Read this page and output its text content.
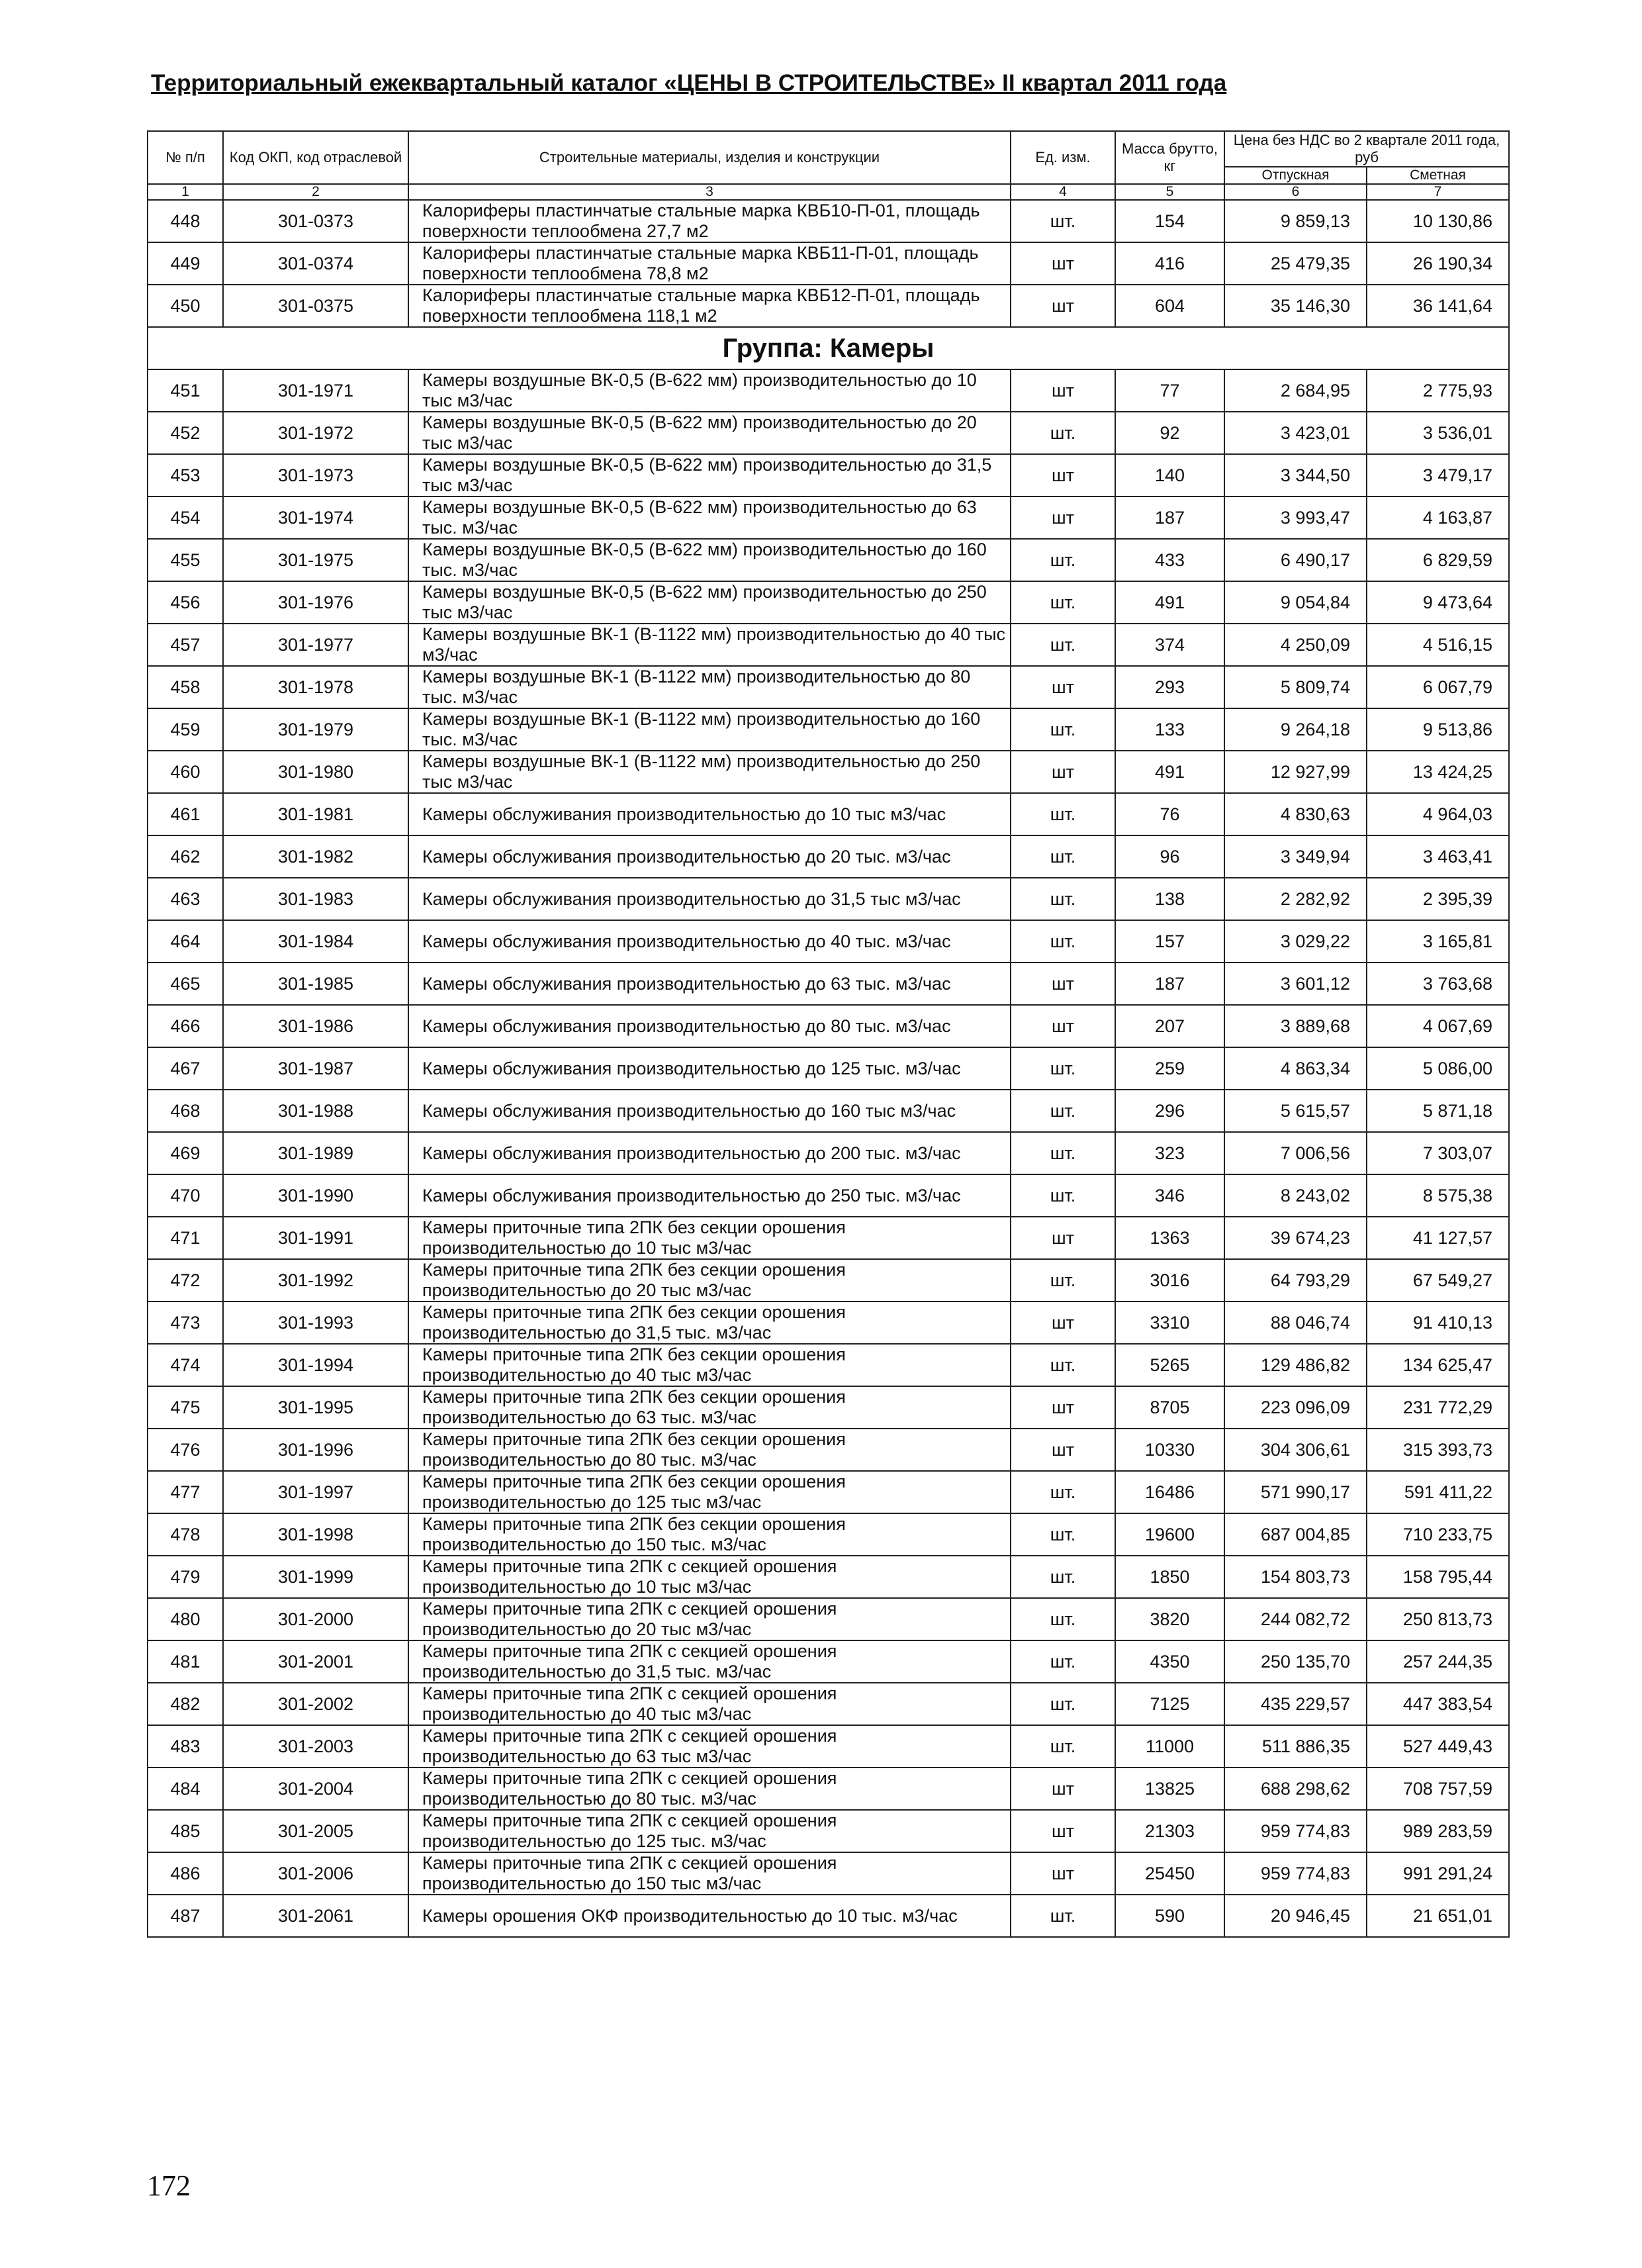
Территориальный ежеквартальный каталог «ЦЕНЫ В СТРОИТЕЛЬСТВЕ» II квартал 2011 года
№ п/п	Код ОКП, код отраслевой	Строительные материалы, изделия и конструкции	Ед. изм.	Масса брутто, кг	Цена без НДС во 2 квартале 2011 года, руб	
					Отпускная	Сметная
1	2	3	4	5	6	7
448	301-0373	Калориферы пластинчатые стальные марка КВБ10-П-01, площадь поверхности теплообмена 27,7 м2	шт.	154	9 859,13	10 130,86
449	301-0374	Калориферы пластинчатые стальные марка КВБ11-П-01, площадь поверхности теплообмена 78,8 м2	шт	416	25 479,35	26 190,34
450	301-0375	Калориферы пластинчатые стальные марка КВБ12-П-01, площадь поверхности теплообмена 118,1 м2	шт	604	35 146,30	36 141,64
Группа: Камеры						
451	301-1971	Камеры воздушные ВК-0,5 (В-622 мм) производительностью до 10 тыс м3/час	шт	77	2 684,95	2 775,93
452	301-1972	Камеры воздушные ВК-0,5 (В-622 мм) производительностью до 20 тыс м3/час	шт.	92	3 423,01	3 536,01
453	301-1973	Камеры воздушные ВК-0,5 (В-622 мм) производительностью до 31,5 тыс м3/час	шт	140	3 344,50	3 479,17
454	301-1974	Камеры воздушные ВК-0,5 (В-622 мм) производительностью до 63 тыс. м3/час	шт	187	3 993,47	4 163,87
455	301-1975	Камеры воздушные ВК-0,5 (В-622 мм) производительностью до 160 тыс. м3/час	шт.	433	6 490,17	6 829,59
456	301-1976	Камеры воздушные ВК-0,5 (В-622 мм) производительностью до 250 тыс м3/час	шт.	491	9 054,84	9 473,64
457	301-1977	Камеры воздушные ВК-1 (В-1122 мм) производительностью до 40 тыс м3/час	шт.	374	4 250,09	4 516,15
458	301-1978	Камеры воздушные ВК-1 (В-1122 мм) производительностью до 80 тыс. м3/час	шт	293	5 809,74	6 067,79
459	301-1979	Камеры воздушные ВК-1 (В-1122 мм) производительностью до 160 тыс. м3/час	шт.	133	9 264,18	9 513,86
460	301-1980	Камеры воздушные ВК-1 (В-1122 мм) производительностью до 250 тыс м3/час	шт	491	12 927,99	13 424,25
461	301-1981	Камеры обслуживания производительностью до 10 тыс м3/час	шт.	76	4 830,63	4 964,03
462	301-1982	Камеры обслуживания производительностью до 20 тыс. м3/час	шт.	96	3 349,94	3 463,41
463	301-1983	Камеры обслуживания производительностью до 31,5 тыс м3/час	шт.	138	2 282,92	2 395,39
464	301-1984	Камеры обслуживания производительностью до 40 тыс. м3/час	шт.	157	3 029,22	3 165,81
465	301-1985	Камеры обслуживания производительностью до 63 тыс. м3/час	шт	187	3 601,12	3 763,68
466	301-1986	Камеры обслуживания производительностью до 80 тыс. м3/час	шт	207	3 889,68	4 067,69
467	301-1987	Камеры обслуживания производительностью до 125 тыс. м3/час	шт.	259	4 863,34	5 086,00
468	301-1988	Камеры обслуживания производительностью до 160 тыс м3/час	шт.	296	5 615,57	5 871,18
469	301-1989	Камеры обслуживания производительностью до 200 тыс. м3/час	шт.	323	7 006,56	7 303,07
470	301-1990	Камеры обслуживания производительностью до 250 тыс. м3/час	шт.	346	8 243,02	8 575,38
471	301-1991	Камеры приточные типа 2ПК без секции орошения производительностью до 10 тыс м3/час	шт	1363	39 674,23	41 127,57
472	301-1992	Камеры приточные типа 2ПК без секции орошения производительностью до 20 тыс м3/час	шт.	3016	64 793,29	67 549,27
473	301-1993	Камеры приточные типа 2ПК без секции орошения производительностью до 31,5 тыс. м3/час	шт	3310	88 046,74	91 410,13
474	301-1994	Камеры приточные типа 2ПК без секции орошения производительностью до 40 тыс м3/час	шт.	5265	129 486,82	134 625,47
475	301-1995	Камеры приточные типа 2ПК без секции орошения производительностью до 63 тыс. м3/час	шт	8705	223 096,09	231 772,29
476	301-1996	Камеры приточные типа 2ПК без секции орошения производительностью до 80 тыс. м3/час	шт	10330	304 306,61	315 393,73
477	301-1997	Камеры приточные типа 2ПК без секции орошения производительностью до 125 тыс м3/час	шт.	16486	571 990,17	591 411,22
478	301-1998	Камеры приточные типа 2ПК без секции орошения производительностью до 150 тыс. м3/час	шт.	19600	687 004,85	710 233,75
479	301-1999	Камеры приточные типа 2ПК с секцией орошения производительностью до 10 тыс м3/час	шт.	1850	154 803,73	158 795,44
480	301-2000	Камеры приточные типа 2ПК с секцией орошения производительностью до 20 тыс м3/час	шт.	3820	244 082,72	250 813,73
481	301-2001	Камеры приточные типа 2ПК с секцией орошения производительностью до 31,5 тыс. м3/час	шт.	4350	250 135,70	257 244,35
482	301-2002	Камеры приточные типа 2ПК с секцией орошения производительностью до 40 тыс м3/час	шт.	7125	435 229,57	447 383,54
483	301-2003	Камеры приточные типа 2ПК с секцией орошения производительностью до 63 тыс м3/час	шт.	11000	511 886,35	527 449,43
484	301-2004	Камеры приточные типа 2ПК с секцией орошения производительностью до 80 тыс. м3/час	шт	13825	688 298,62	708 757,59
485	301-2005	Камеры приточные типа 2ПК с секцией орошения производительностью до 125 тыс. м3/час	шт	21303	959 774,83	989 283,59
486	301-2006	Камеры приточные типа 2ПК с секцией орошения производительностью до 150 тыс м3/час	шт	25450	959 774,83	991 291,24
487	301-2061	Камеры орошения ОКФ производительностью до 10 тыс. м3/час	шт.	590	20 946,45	21 651,01
172
